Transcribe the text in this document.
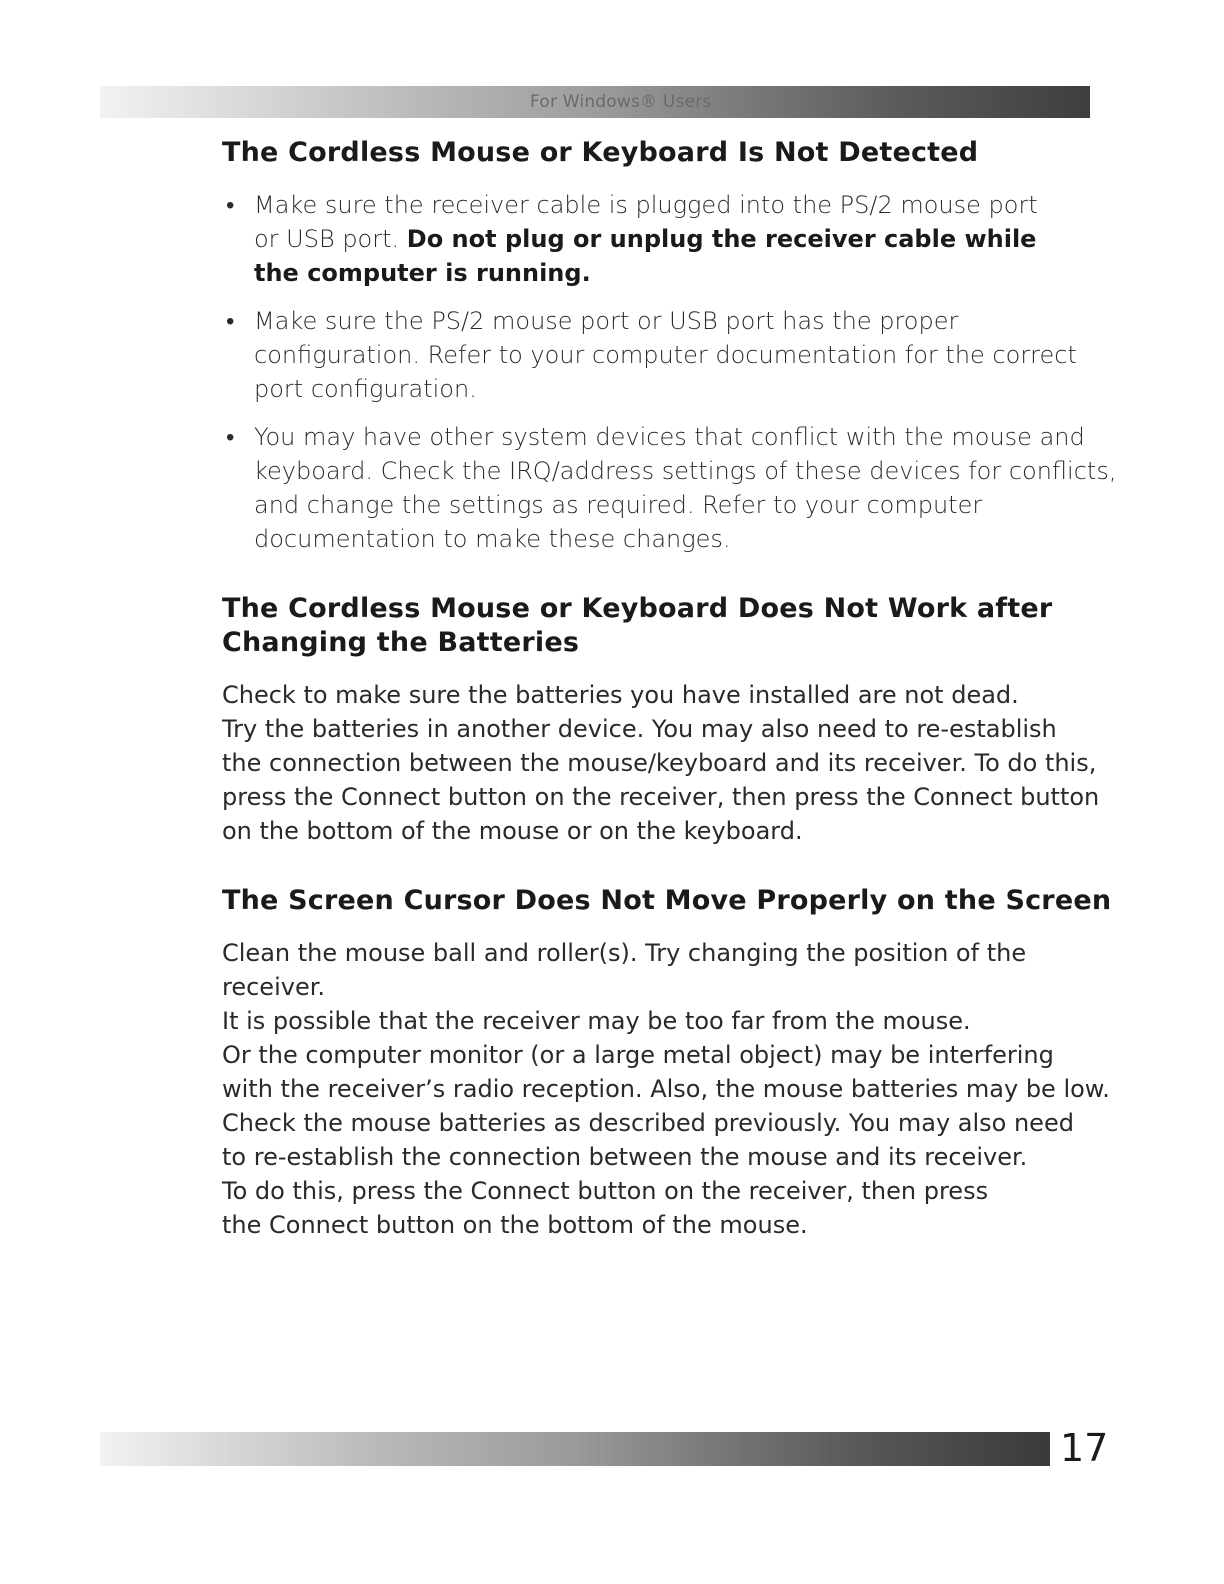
For Windows® Users
The Cordless Mouse or Keyboard Is Not Detected
• Make sure the receiver cable is plugged into the PS/2 mouse port
or USB port. Do not plug or unplug the receiver cable while
the computer is running.
• Make sure the PS/2 mouse port or USB port has the proper
configuration. Refer to your computer documentation for the correct
port configuration.
• You may have other system devices that conflict with the mouse and
keyboard. Check the IRQ/address settings of these devices for conflicts,
and change the settings as required. Refer to your computer
documentation to make these changes.
The Cordless Mouse or Keyboard Does Not Work after
Changing the Batteries

Check to make sure the batteries you have installed are not dead.
Try the batteries in another device. You may also need to re-establish
the connection between the mouse/keyboard and its receiver. To do this,
press the Connect button on the receiver, then press the Connect button
on the bottom of the mouse or on the keyboard.

The Screen Cursor Does Not Move Properly on the Screen

Clean the mouse ball and roller(s). Try changing the position of the receiver.
It is possible that the receiver may be too far from the mouse.
Or the computer monitor (or a large metal object) may be interfering
with the receiver’s radio reception. Also, the mouse batteries may be low.
Check the mouse batteries as described previously. You may also need
to re-establish the connection between the mouse and its receiver.
To do this, press the Connect button on the receiver, then press
the Connect button on the bottom of the mouse.

17
